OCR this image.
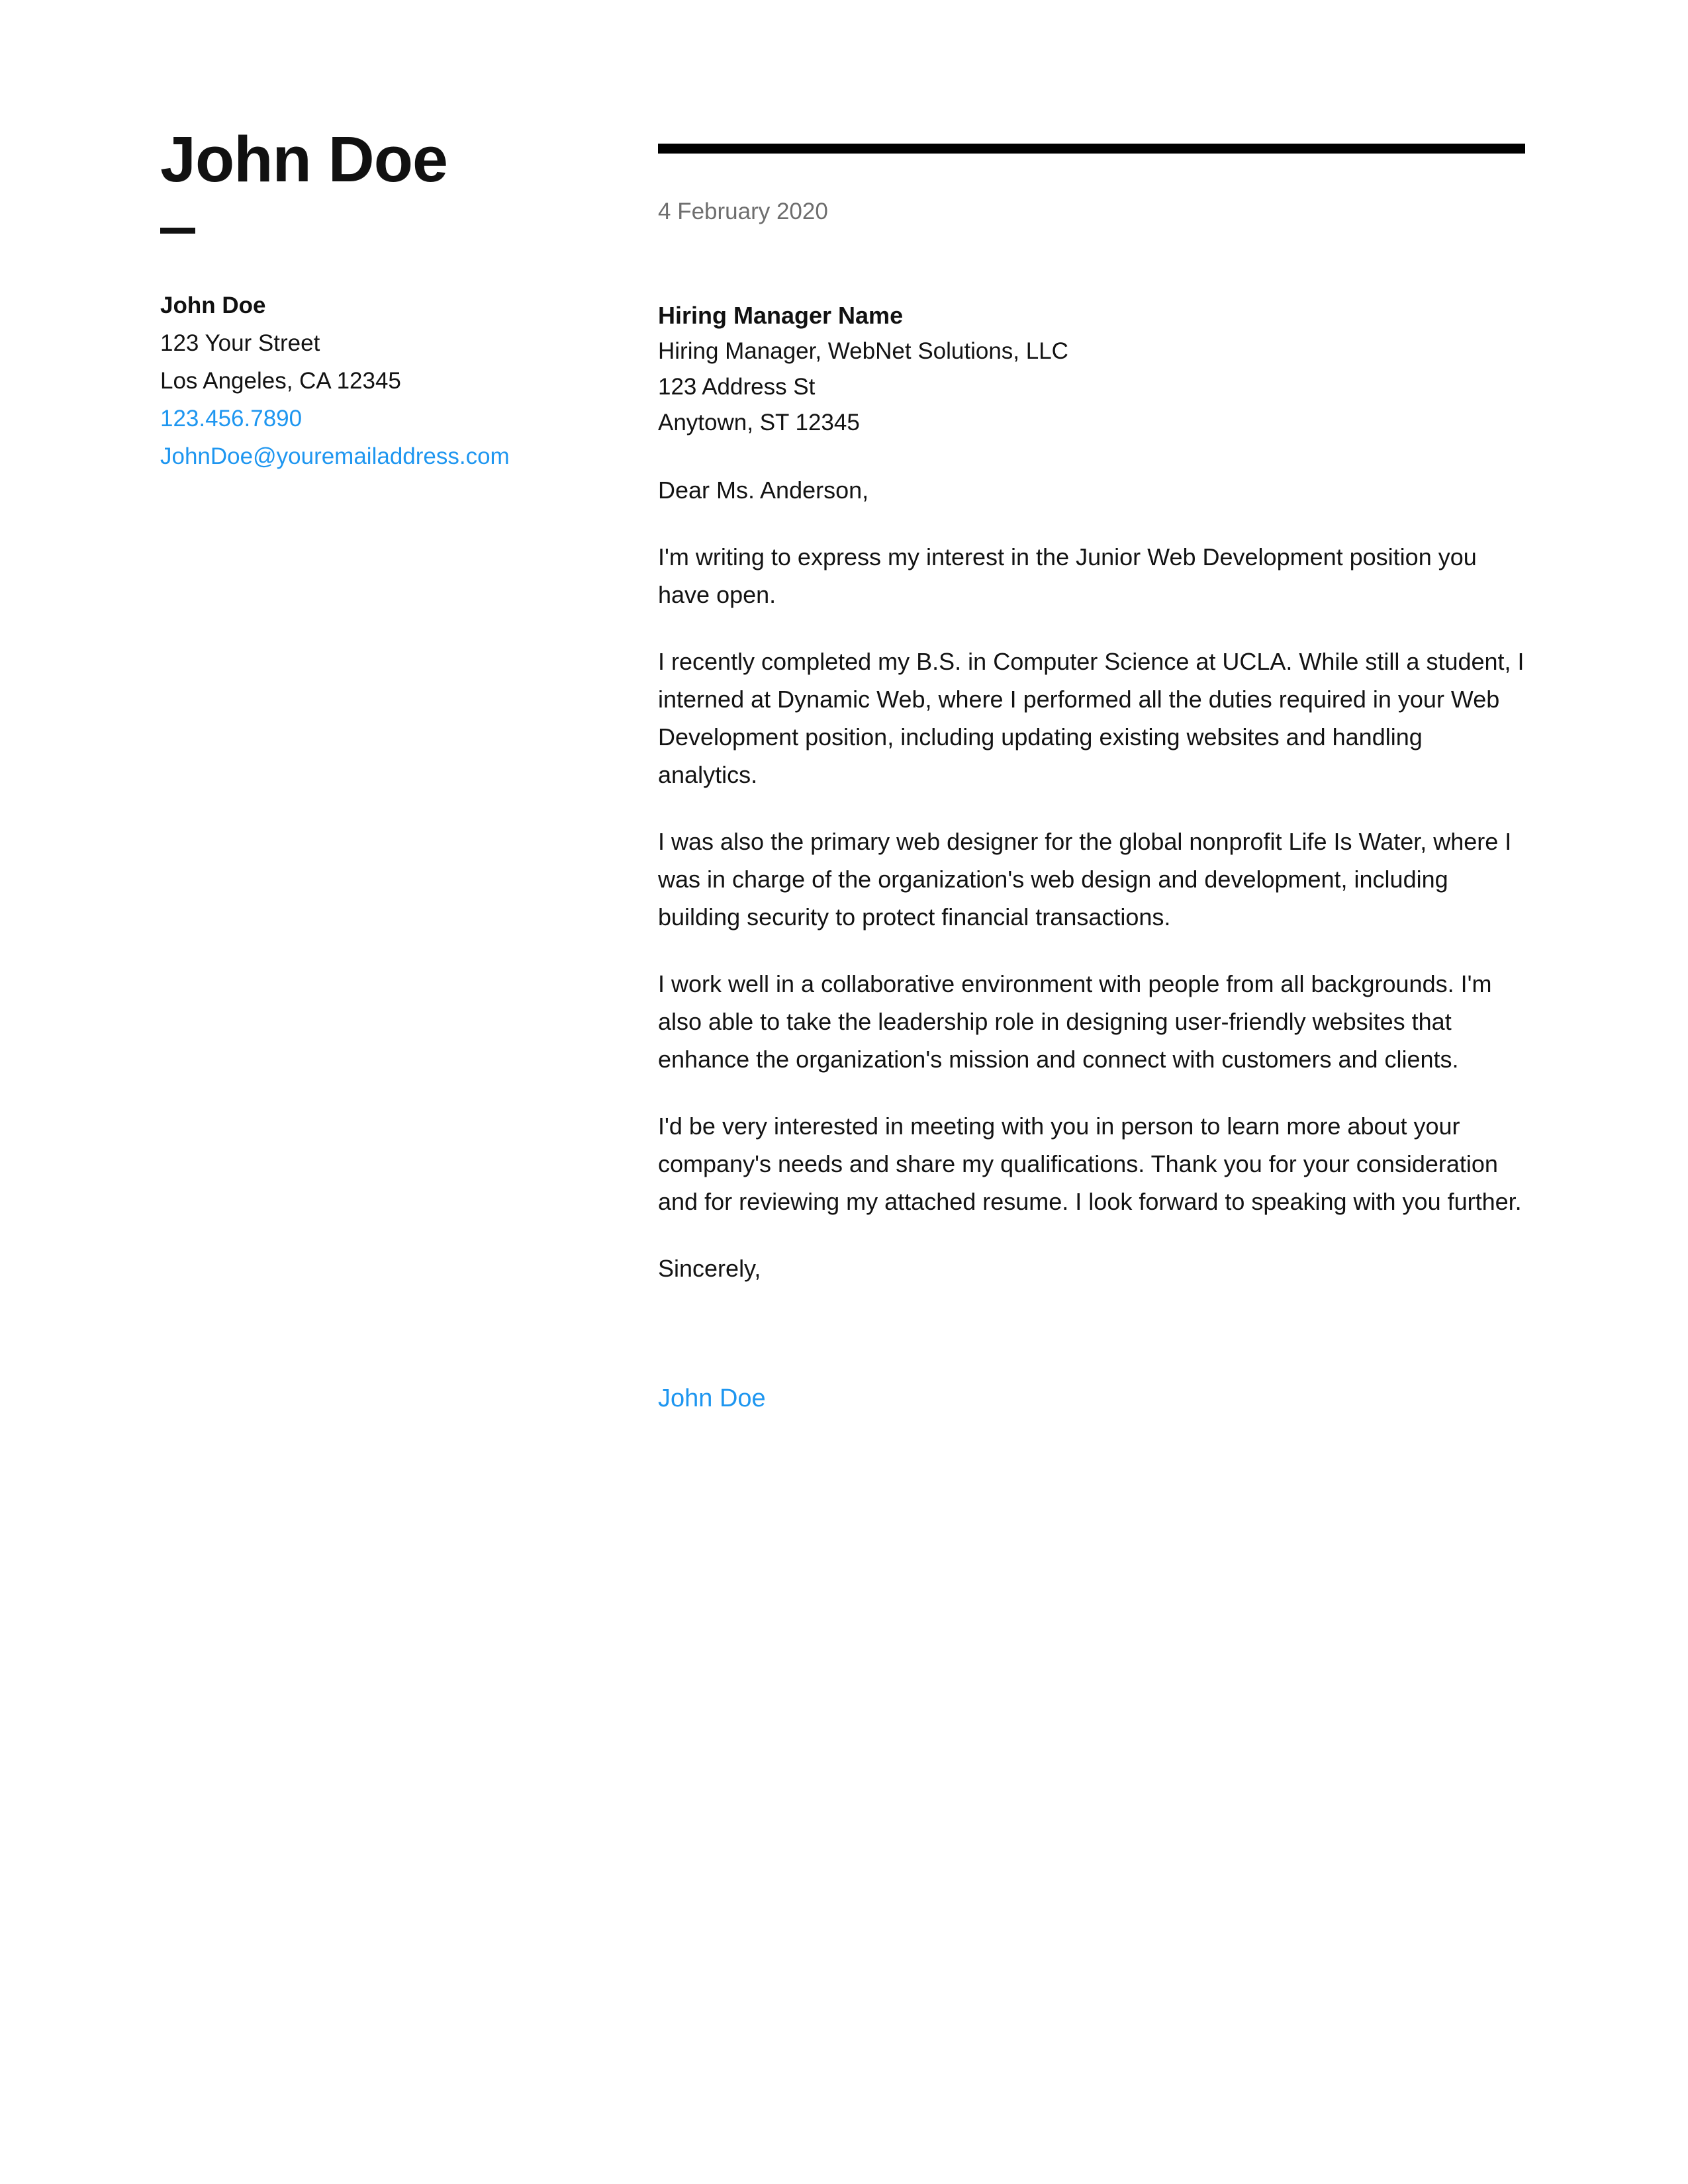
John Doe
John Doe
123 Your Street
Los Angeles, CA 12345
123.456.7890
JohnDoe@youremailaddress.com
4 February 2020
Hiring Manager Name
Hiring Manager, WebNet Solutions, LLC
123 Address St
Anytown, ST 12345
Dear Ms. Anderson,

I'm writing to express my interest in the Junior Web Development position you have open.

I recently completed my B.S. in Computer Science at UCLA. While still a student, I interned at Dynamic Web, where I performed all the duties required in your Web Development position, including updating existing websites and handling analytics.

I was also the primary web designer for the global nonprofit Life Is Water, where I was in charge of the organization's web design and development, including building security to protect financial transactions.

I work well in a collaborative environment with people from all backgrounds. I'm also able to take the leadership role in designing user-friendly websites that enhance the organization's mission and connect with customers and clients.

I'd be very interested in meeting with you in person to learn more about your company's needs and share my qualifications. Thank you for your consideration and for reviewing my attached resume. I look forward to speaking with you further.

Sincerely,
John Doe
